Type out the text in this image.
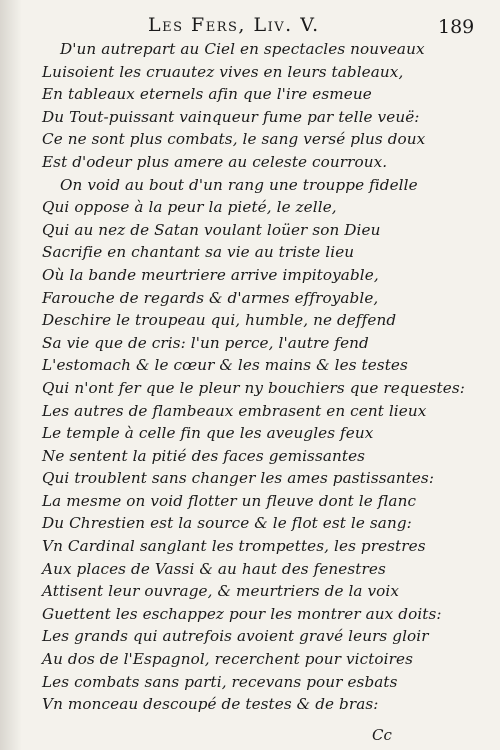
Les Fers, Liv. V.	189
D'un autrepart au Ciel en spectacles nouveaux
Luisoient les cruautez vives en leurs tableaux,
En tableaux eternels afin que l'ire esmeue
Du Tout-puissant vainqueur fume par telle veuë:
Ce ne sont plus combats, le sang versé plus doux
Est d'odeur plus amere au celeste courroux.
On void au bout d'un rang une trouppe fidelle
Qui oppose à la peur la pieté, le zelle,
Qui au nez de Satan voulant loüer son Dieu
Sacrifie en chantant sa vie au triste lieu
Où la bande meurtriere arrive impitoyable,
Farouche de regards & d'armes effroyable,
Deschire le troupeau qui, humble, ne deffend
Sa vie que de cris: l'un perce, l'autre fend
L'estomach & le cœur & les mains & les testes
Qui n'ont fer que le pleur ny bouchiers que requestes:
Les autres de flambeaux embrasent en cent lieux
Le temple à celle fin que les aveugles feux
Ne sentent la pitié des faces gemissantes
Qui troublent sans changer les ames pastissantes:
La mesme on void flotter un fleuve dont le flanc
Du Chrestien est la source & le flot est le sang:
Vn Cardinal sanglant les trompettes, les prestres
Aux places de Vassi & au haut des fenestres
Attisent leur ouvrage, & meurtriers de la voix
Guettent les eschappez pour les montrer aux doits:
Les grands qui autrefois avoient gravé leurs gloir
Au dos de l'Espagnol, recerchent pour victoires
Les combats sans parti, recevans pour esbats
Vn monceau descoupé de testes & de bras:
Cc
